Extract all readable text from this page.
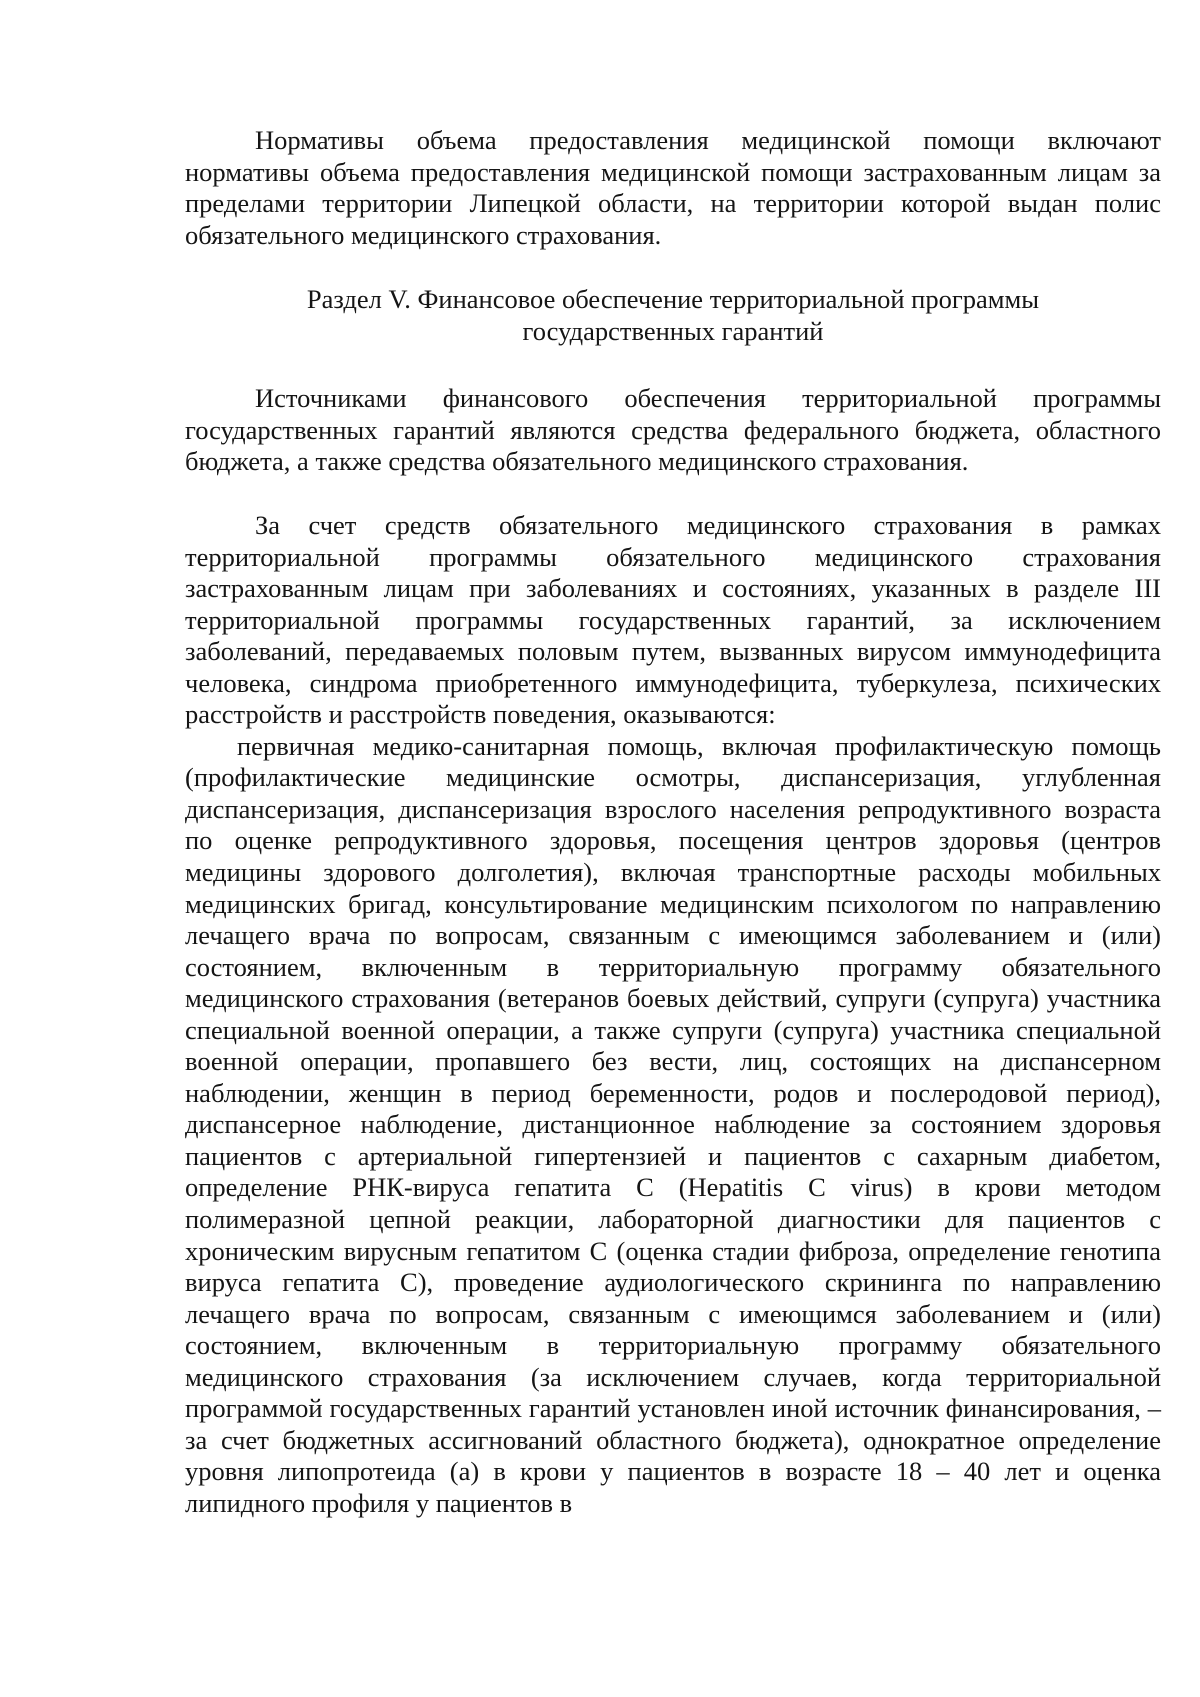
Нормативы объема предоставления медицинской помощи включают нормативы объема предоставления медицинской помощи застрахованным лицам за пределами территории Липецкой области, на территории которой выдан полис обязательного медицинского страхования.

Раздел V. Финансовое обеспечение территориальной программы
государственных гарантий

Источниками финансового обеспечения территориальной программы государственных гарантий являются средства федерального бюджета, областного бюджета, а также средства обязательного медицинского страхования.

За счет средств обязательного медицинского страхования в рамках территориальной программы обязательного медицинского страхования застрахованным лицам при заболеваниях и состояниях, указанных в разделе III территориальной программы государственных гарантий, за исключением заболеваний, передаваемых половым путем, вызванных вирусом иммунодефицита человека, синдрома приобретенного иммунодефицита, туберкулеза, психических расстройств и расстройств поведения, оказываются:

первичная медико-санитарная помощь, включая профилактическую помощь (профилактические медицинские осмотры, диспансеризация, углубленная диспансеризация, диспансеризация взрослого населения репродуктивного возраста по оценке репродуктивного здоровья, посещения центров здоровья (центров медицины здорового долголетия), включая транспортные расходы мобильных медицинских бригад, консультирование медицинским психологом по направлению лечащего врача по вопросам, связанным с имеющимся заболеванием и (или) состоянием, включенным в территориальную программу обязательного медицинского страхования (ветеранов боевых действий, супруги (супруга) участника специальной военной операции, а также супруги (супруга) участника специальной военной операции, пропавшего без вести, лиц, состоящих на диспансерном наблюдении, женщин в период беременности, родов и послеродовой период), диспансерное наблюдение, дистанционное наблюдение за состоянием здоровья пациентов с артериальной гипертензией и пациентов с сахарным диабетом, определение РНК-вируса гепатита С (Hepatitis C virus) в крови методом полимеразной цепной реакции, лабораторной диагностики для пациентов с хроническим вирусным гепатитом С (оценка стадии фиброза, определение генотипа вируса гепатита С), проведение аудиологического скрининга по направлению лечащего врача по вопросам, связанным с имеющимся заболеванием и (или) состоянием, включенным в территориальную программу обязательного медицинского страхования (за исключением случаев, когда территориальной программой государственных гарантий установлен иной источник финансирования, – за счет бюджетных ассигнований областного бюджета), однократное определение уровня липопротеида (а) в крови у пациентов в возрасте 18 – 40 лет и оценка липидного профиля у пациентов в
